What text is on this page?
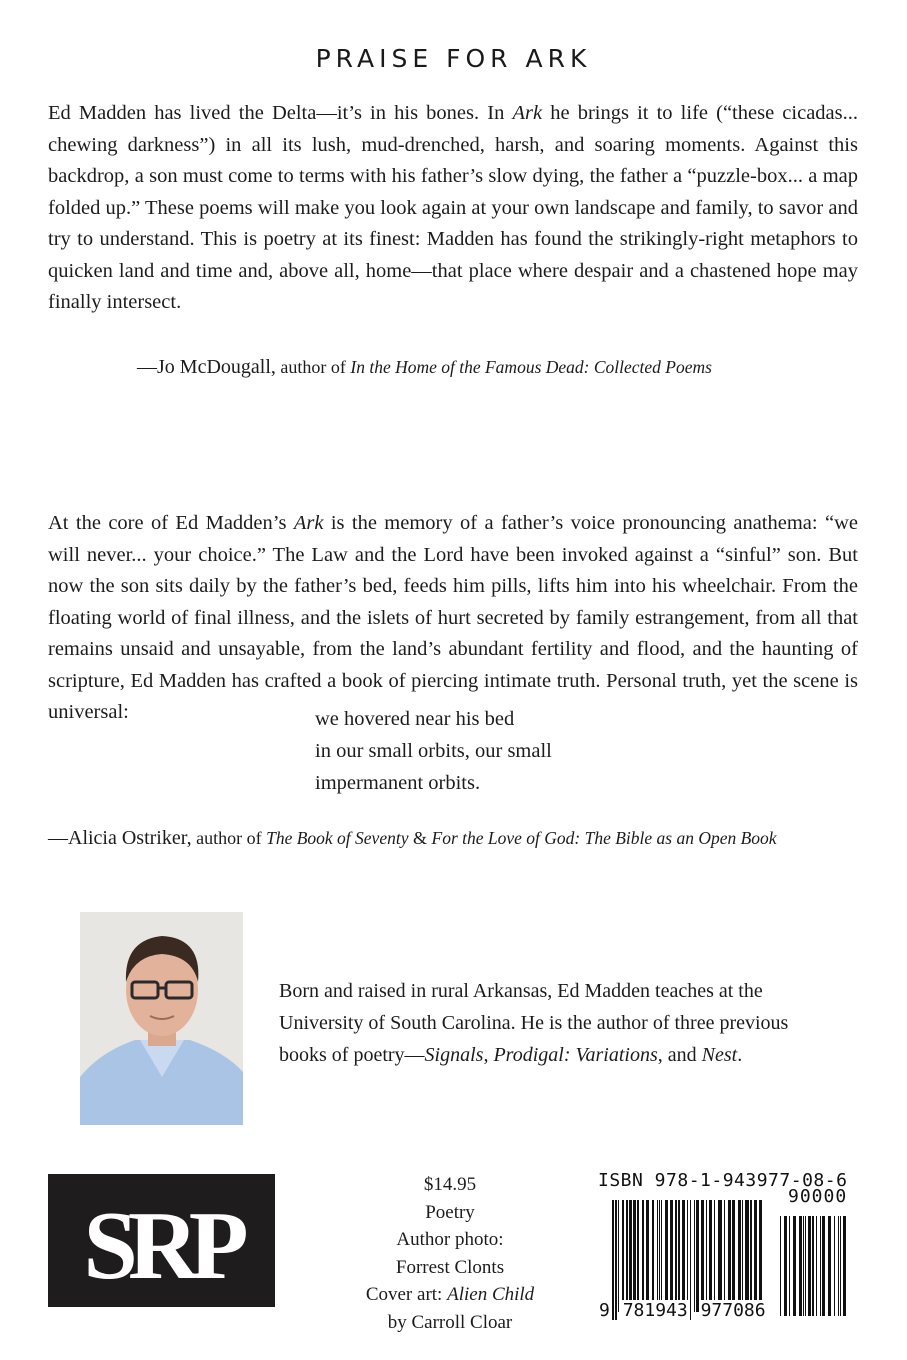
PRAISE FOR ARK
Ed Madden has lived the Delta—it’s in his bones. In Ark he brings it to life (“these cicadas... chewing darkness”) in all its lush, mud-drenched, harsh, and soaring moments. Against this backdrop, a son must come to terms with his father’s slow dying, the father a “puzzle-box... a map folded up.” These poems will make you look again at your own landscape and family, to savor and try to understand. This is poetry at its finest: Madden has found the strikingly-right metaphors to quicken land and time and, above all, home—that place where despair and a chastened hope may finally intersect.
—Jo McDougall, author of In the Home of the Famous Dead: Collected Poems
At the core of Ed Madden’s Ark is the memory of a father’s voice pronouncing anathema: “we will never... your choice.” The Law and the Lord have been invoked against a “sinful” son. But now the son sits daily by the father’s bed, feeds him pills, lifts him into his wheelchair. From the floating world of final illness, and the islets of hurt secreted by family estrangement, from all that remains unsaid and unsayable, from the land’s abundant fertility and flood, and the haunting of scripture, Ed Madden has crafted a book of piercing intimate truth. Personal truth, yet the scene is universal:	we hovered near his bed
in our small orbits, our small
impermanent orbits.
—Alicia Ostriker, author of The Book of Seventy & For the Love of God: The Bible as an Open Book
Born and raised in rural Arkansas, Ed Madden teaches at the
University of South Carolina. He is the author of three previous
books of poetry—Signals, Prodigal: Variations, and Nest.
SRP
$14.95
Poetry
Author photo:
Forrest Clonts
Cover art: Alien Child
by Carroll Cloar
ISBN 978-1-943977-08-6
90000
9 781943 977086
